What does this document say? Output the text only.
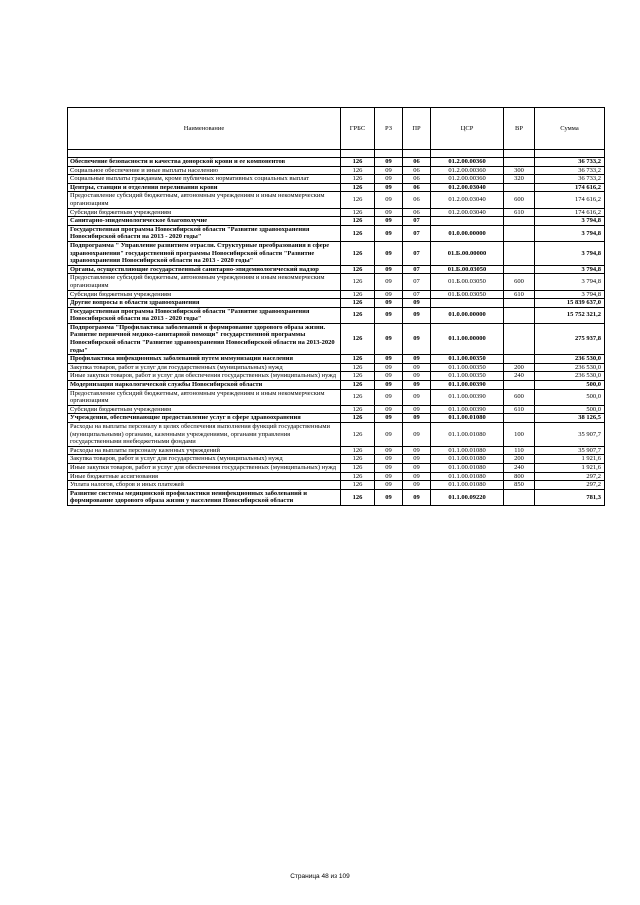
Наименование	ГРБС	РЗ	ПР	ЦСР	ВР	Сумма

Обеспечение безопасности и качества донорской крови и ее компонентов	126	09	06	01.2.00.00360		36 733,2
Социальное обеспечение и иные выплаты населению	126	09	06	01.2.00.00360	300	36 733,2
Социальные выплаты гражданам, кроме публичных нормативных социальных выплат	126	09	06	01.2.00.00360	320	36 733,2
Центры, станции и отделения переливания крови	126	09	06	01.2.00.03040		174 616,2
Предоставление субсидий бюджетным, автономным учреждениям и иным некоммерческим организациям	126	09	06	01.2.00.03040	600	174 616,2
Субсидии бюджетным учреждениям	126	09	06	01.2.00.03040	610	174 616,2
Санитарно-эпидемиологическое благополучие	126	09	07			3 794,8
Государственная программа Новосибирской области "Развитие здравоохранения Новосибирской области на 2013 - 2020 годы"	126	09	07	01.0.00.00000		3 794,8
Подпрограмма " Управление развитием отрасли. Структурные преобразования в сфере здравоохранения" государственной программы Новосибирской области "Развитие здравоохранения Новосибирской области на 2013 - 2020 годы"	126	09	07	01.Б.00.00000		3 794,8
Органы, осуществляющие государственный санитарно-эпидемиологический надзор	126	09	07	01.Б.00.03050		3 794,8
Предоставление субсидий бюджетным, автономным учреждениям и иным некоммерческим организациям	126	09	07	01.Б.00.03050	600	3 794,8
Субсидии бюджетным учреждениям	126	09	07	01.Б.00.03050	610	3 794,8
Другие вопросы в области здравоохранения	126	09	09			15 839 637,0
Государственная программа Новосибирской области "Развитие здравоохранения Новосибирской области на 2013 - 2020 годы"	126	09	09	01.0.00.00000		15 752 321,2
Подпрограмма "Профилактика заболеваний и формирование здорового образа жизни. Развитие первичной медико-санитарной помощи" государственной программы Новосибирской области "Развитие здравоохранения Новосибирской области на 2013-2020 годы"	126	09	09	01.1.00.00000		275 937,8
Профилактика инфекционных заболеваний путем иммунизации населения	126	09	09	01.1.00.00350		236 530,0
Закупка товаров, работ и услуг для государственных (муниципальных) нужд	126	09	09	01.1.00.00350	200	236 530,0
Иные закупки товаров, работ и услуг для обеспечения государственных (муниципальных) нужд	126	09	09	01.1.00.00350	240	236 530,0
Модернизация наркологической службы Новосибирской области	126	09	09	01.1.00.00390		500,0
Предоставление субсидий бюджетным, автономным учреждениям и иным некоммерческим организациям	126	09	09	01.1.00.00390	600	500,0
Субсидии бюджетным учреждениям	126	09	09	01.1.00.00390	610	500,0
Учреждения, обеспечивающие предоставление услуг в сфере здравоохранения	126	09	09	01.1.00.01080		38 126,5
Расходы на выплаты персоналу в целях обеспечения выполнения функций государственными (муниципальными) органами, казенными учреждениями, органами управления государственными внебюджетными фондами	126	09	09	01.1.00.01080	100	35 907,7
Расходы на выплаты персоналу казенных учреждений	126	09	09	01.1.00.01080	110	35 907,7
Закупка товаров, работ и услуг для государственных (муниципальных) нужд	126	09	09	01.1.00.01080	200	1 921,6
Иные закупки товаров, работ и услуг для обеспечения государственных (муниципальных) нужд	126	09	09	01.1.00.01080	240	1 921,6
Иные бюджетные ассигнования	126	09	09	01.1.00.01080	800	297,2
Уплата налогов, сборов и иных платежей	126	09	09	01.1.00.01080	850	297,2
Развитие системы медицинской профилактики неинфекционных заболеваний и формирование здорового образа жизни у населения Новосибирской области	126	09	09	01.1.00.09220		781,3
Страница 48 из 109
